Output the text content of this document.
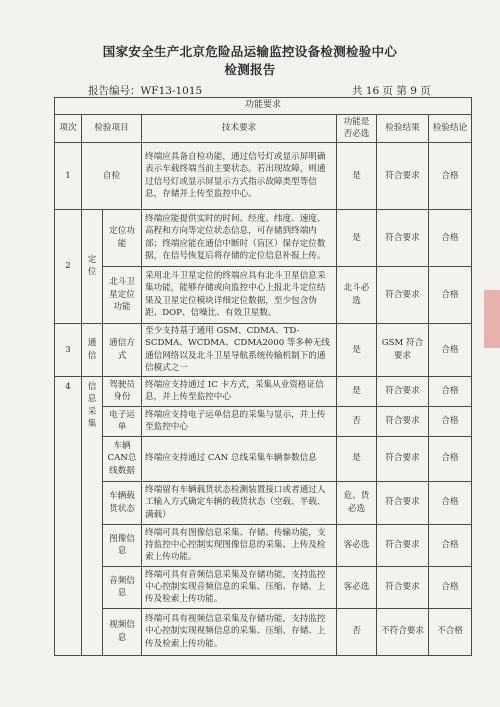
国家安全生产北京危险品运输监控设备检测检验中心
检测报告
报告编号：WF13-1015	共 16 页 第 9 页
功能要求						
项次	检验项目		技术要求	功能是否必选	检验结果	检验结论
1	自检		终端应具备自检功能，通过信号灯或显示屏明确表示车载终端当前主要状态。若出现故障，则通过信号灯或显示屏显示方式指示故障类型等信息，存储并上传至监控中心。	是	符合要求	合格
2	定位	定位功能	终端应能提供实时的时间、经度、纬度、速度、高程和方向等定位状态信息，可存储到终端内部；终端应能在通信中断时（盲区）保存定位数据，在信号恢复后将存储的定位信息补报上传。	是	符合要求	合格
		北斗卫星定位功能	采用北斗卫星定位的终端应具有北斗卫星信息采集功能，能够存储或向监控中心上报北斗定位结果及卫星定位模块详细定位数据，至少包含伪距、DOP、信噪比、有效卫星数。	北斗必选	符合要求	合格
3	通信	通信方式	至少支持基于通用 GSM、CDMA、TD-SCDMA、WCDMA、CDMA2000 等多种无线通信网络以及北斗卫星导航系统传输机制下的通信模式之一	是	GSM 符合要求	合格
4	信息采集	驾驶员身份	终端应支持通过 IC 卡方式，采集从业资格证信息，并上传至监控中心	是	符合要求	合格
		电子运单	终端应支持电子运单信息的采集与显示，并上传至监控中心	否	符合要求	合格
		车辆CAN总线数据	终端应支持通过 CAN 总线采集车辆参数信息	是	符合要求	合格
		车辆载货状态	终端留有车辆载货状态检测装置接口或者通过人工输入方式确定车辆的载货状态（空载、半载、满载）	危、货必选	符合要求	合格
		图像信息	终端可具有图像信息采集、存储、传输功能，支持监控中心控制实现图像信息的采集、上传及检索上传功能。	客必选	符合要求	合格
		音频信息	终端可具有音频信息采集及存储功能，支持监控中心控制实现音频信息的采集、压缩、存储、上传及检索上传功能。	客必选	符合要求	合格
		视频信息	终端可具有视频信息采集及存储功能，支持监控中心控制实现视频信息的采集、压缩、存储、上传及检索上传功能。	否	不符合要求	不合格
